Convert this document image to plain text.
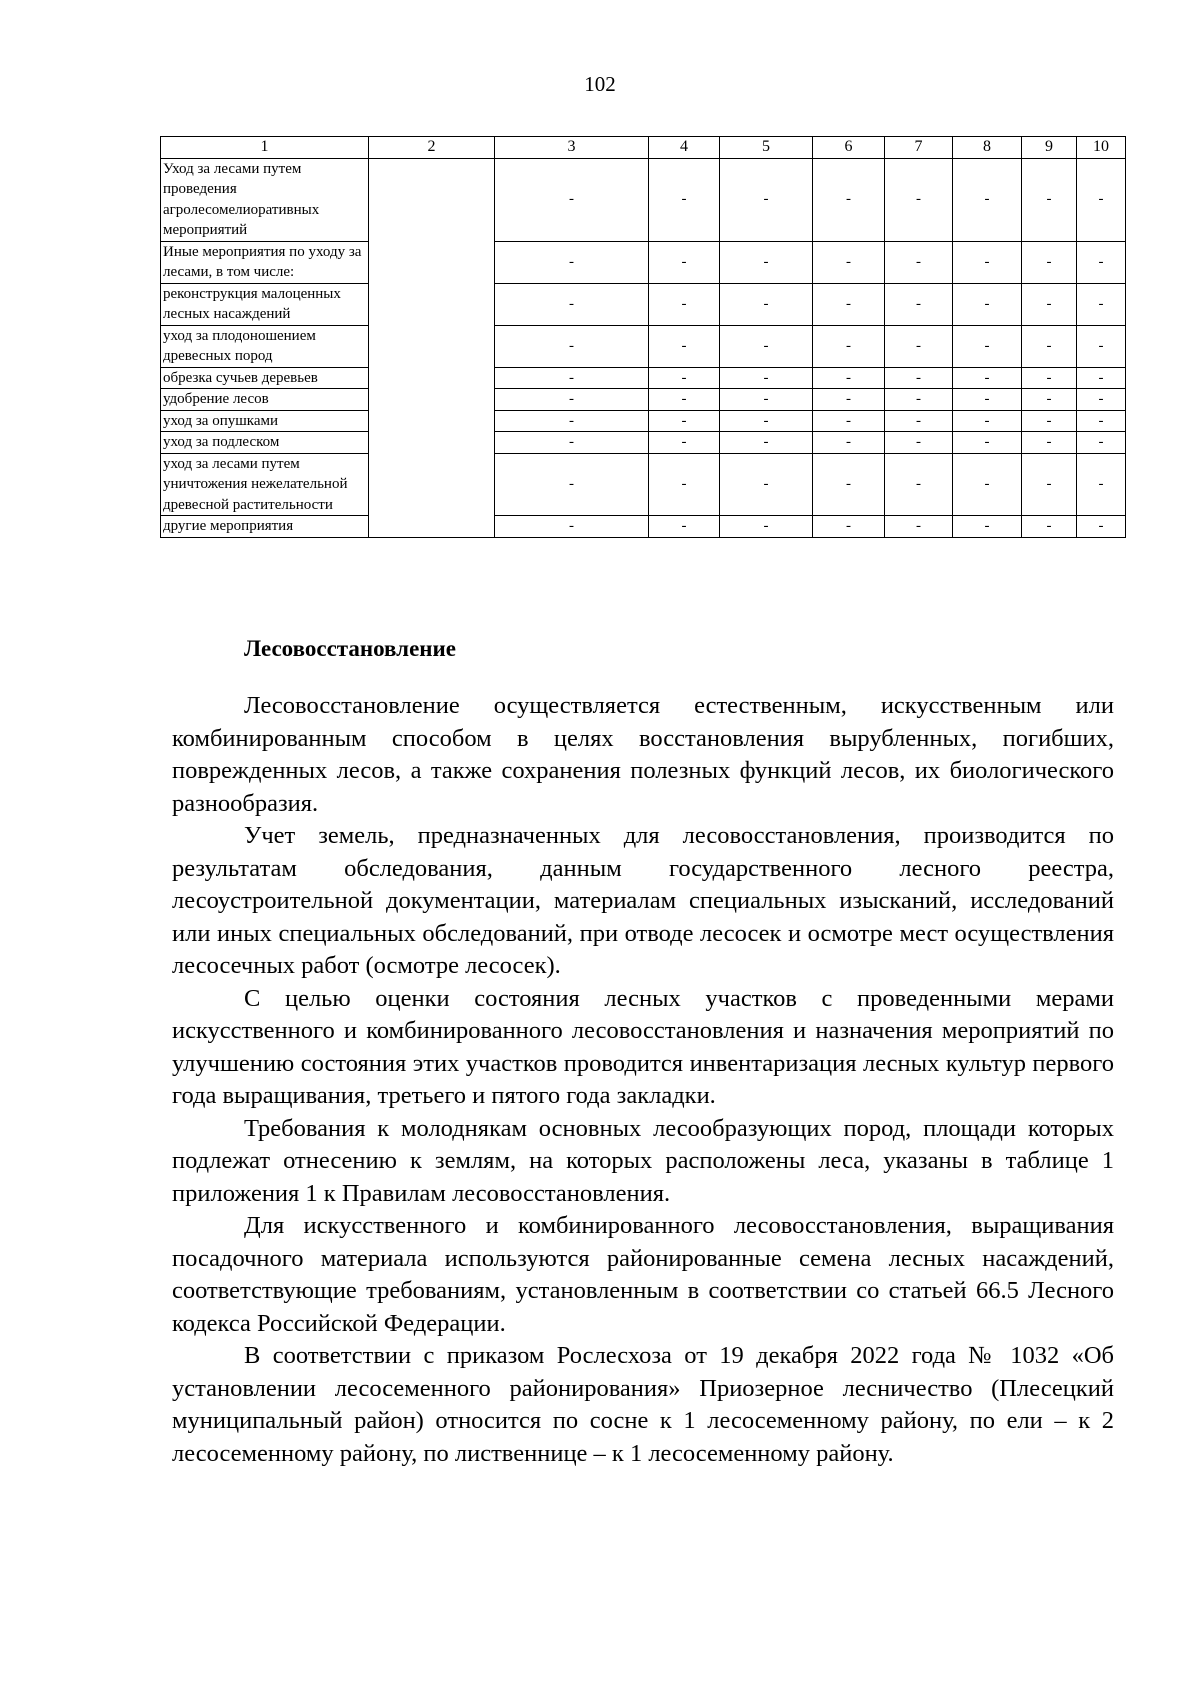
102
1	2	3	4	5	6	7	8	9	10
Уход за лесами путем проведения агролесомелиоративных мероприятий		-	-	-	-	-	-	-	-
Иные мероприятия по уходу за лесами, в том числе:		-	-	-	-	-	-	-	-
реконструкция малоценных лесных насаждений		-	-	-	-	-	-	-	-
уход за плодоношением древесных пород		-	-	-	-	-	-	-	-
обрезка сучьев деревьев		-	-	-	-	-	-	-	-
удобрение лесов		-	-	-	-	-	-	-	-
уход за опушками		-	-	-	-	-	-	-	-
уход за подлеском		-	-	-	-	-	-	-	-
уход за лесами путем уничтожения нежелательной древесной растительности		-	-	-	-	-	-	-	-
другие мероприятия		-	-	-	-	-	-	-	-
Лесовосстановление

Лесовосстановление осуществляется естественным, искусственным или комбинированным способом в целях восстановления вырубленных, погибших, поврежденных лесов, а также сохранения полезных функций лесов, их биологического разнообразия.

Учет земель, предназначенных для лесовосстановления, производится по результатам обследования, данным государственного лесного реестра, лесоустроительной документации, материалам специальных изысканий, исследований или иных специальных обследований, при отводе лесосек и осмотре мест осуществления лесосечных работ (осмотре лесосек).

С целью оценки состояния лесных участков с проведенными мерами искусственного и комбинированного лесовосстановления и назначения мероприятий по улучшению состояния этих участков проводится инвентаризация лесных культур первого года выращивания, третьего и пятого года закладки.

Требования к молоднякам основных лесообразующих пород, площади которых подлежат отнесению к землям, на которых расположены леса, указаны в таблице 1 приложения 1 к Правилам лесовосстановления.

Для искусственного и комбинированного лесовосстановления, выращивания посадочного материала используются районированные семена лесных насаждений, соответствующие требованиям, установленным в соответствии со статьей 66.5 Лесного кодекса Российской Федерации.

В соответствии с приказом Рослесхоза от 19 декабря 2022 года № 1032 «Об установлении лесосеменного районирования» Приозерное лесничество (Плесецкий муниципальный район) относится по сосне к 1 лесосеменному району, по ели – к 2 лесосеменному району, по лиственнице – к 1 лесосеменному району.
